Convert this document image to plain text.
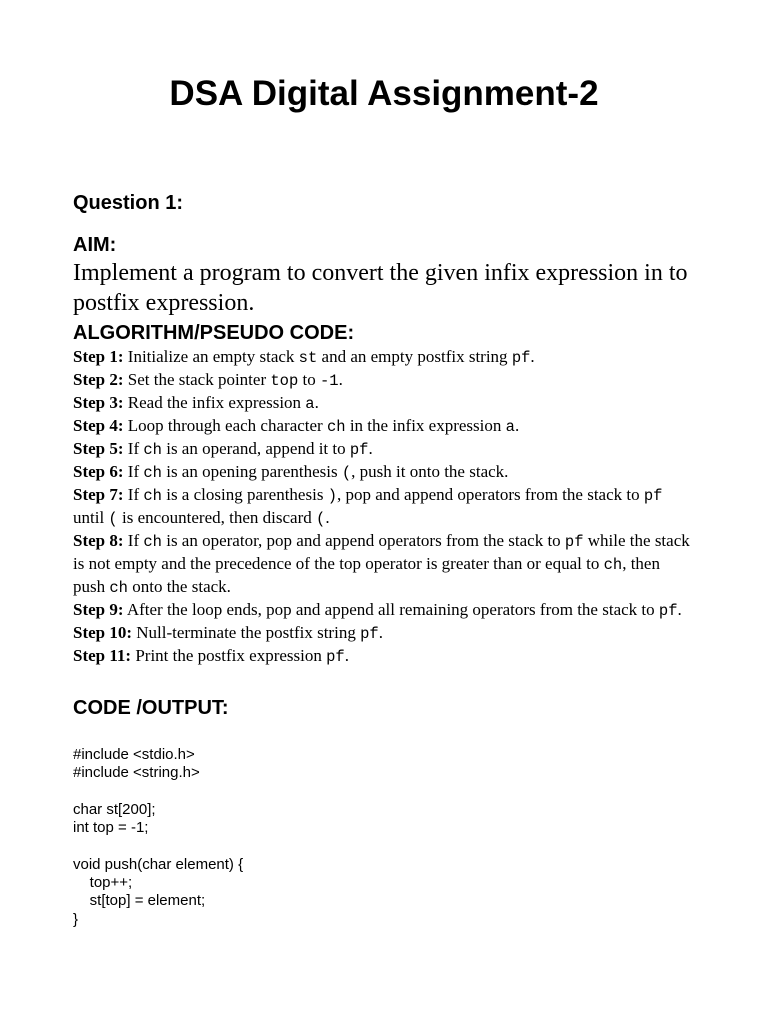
DSA Digital Assignment-2
Question 1:
AIM:

Implement a program to convert the given infix expression in to postfix expression.

ALGORITHM/PSEUDO CODE:
Step 1: Initialize an empty stack st and an empty postfix string pf.
Step 2: Set the stack pointer top to -1.
Step 3: Read the infix expression a.
Step 4: Loop through each character ch in the infix expression a.
Step 5: If ch is an operand, append it to pf.
Step 6: If ch is an opening parenthesis (, push it onto the stack.
Step 7: If ch is a closing parenthesis ), pop and append operators from the stack to pf until ( is encountered, then discard (.
Step 8: If ch is an operator, pop and append operators from the stack to pf while the stack is not empty and the precedence of the top operator is greater than or equal to ch, then push ch onto the stack.
Step 9: After the loop ends, pop and append all remaining operators from the stack to pf.
Step 10: Null-terminate the postfix string pf.
Step 11: Print the postfix expression pf.
CODE /OUTPUT:
#include <stdio.h>
#include <string.h>
char st[200];
int top = -1;
void push(char element) {
top++;
st[top] = element;
}
